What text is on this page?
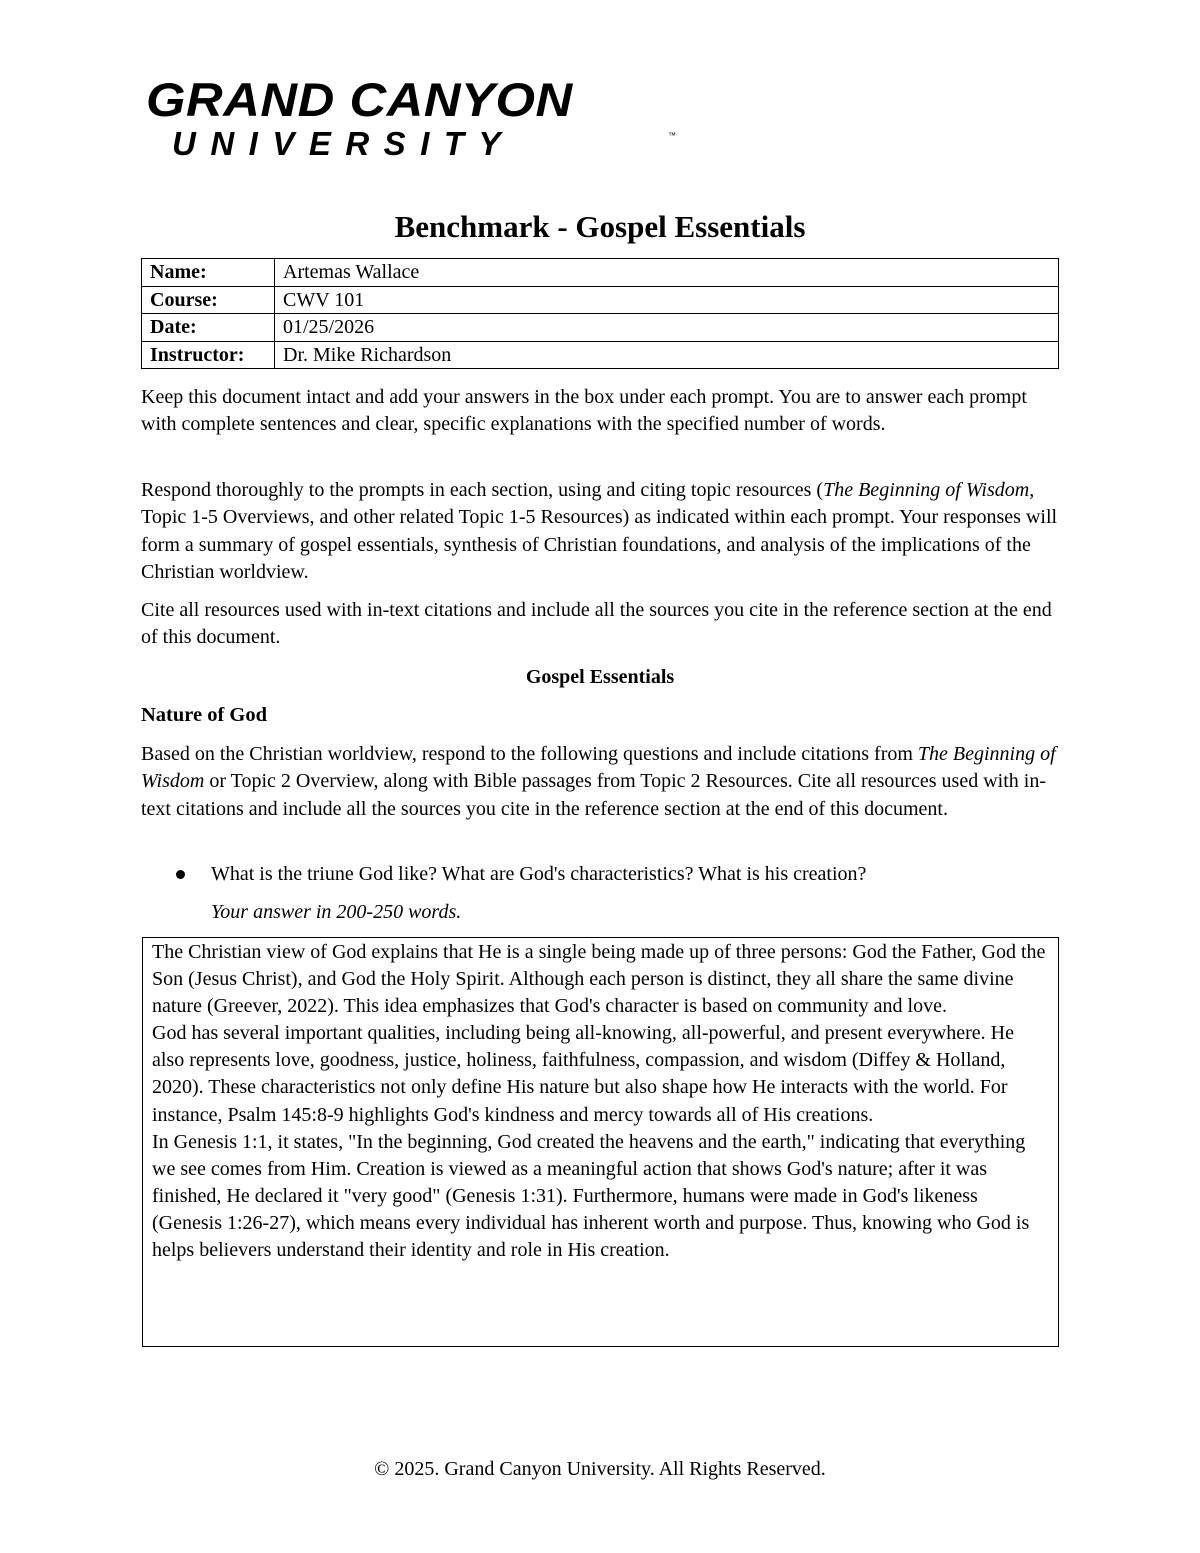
GRAND CANYON
UNIVERSITY	™
Benchmark - Gospel Essentials
Name:	Artemas Wallace
Course:	CWV 101
Date:	01/25/2026
Instructor:	Dr. Mike Richardson
Keep this document intact and add your answers in the box under each prompt. You are to answer each prompt with complete sentences and clear, specific explanations with the specified number of words.
Respond thoroughly to the prompts in each section, using and citing topic resources (The Beginning of Wisdom, Topic 1-5 Overviews, and other related Topic 1-5 Resources) as indicated within each prompt. Your responses will form a summary of gospel essentials, synthesis of Christian foundations, and analysis of the implications of the Christian worldview.
Cite all resources used with in-text citations and include all the sources you cite in the reference section at the end of this document.
Gospel Essentials
Nature of God
Based on the Christian worldview, respond to the following questions and include citations from The Beginning of Wisdom or Topic 2 Overview, along with Bible passages from Topic 2 Resources. Cite all resources used with in-text citations and include all the sources you cite in the reference section at the end of this document.
What is the triune God like? What are God's characteristics? What is his creation?
Your answer in 200-250 words.

The Christian view of God explains that He is a single being made up of three persons: God the Father, God the Son (Jesus Christ), and God the Holy Spirit. Although each person is distinct, they all share the same divine nature (Greever, 2022). This idea emphasizes that God's character is based on community and love.

God has several important qualities, including being all-knowing, all-powerful, and present everywhere. He also represents love, goodness, justice, holiness, faithfulness, compassion, and wisdom (Diffey & Holland, 2020). These characteristics not only define His nature but also shape how He interacts with the world. For instance, Psalm 145:8-9 highlights God's kindness and mercy towards all of His creations.

In Genesis 1:1, it states, "In the beginning, God created the heavens and the earth," indicating that everything we see comes from Him. Creation is viewed as a meaningful action that shows God's nature; after it was finished, He declared it "very good" (Genesis 1:31). Furthermore, humans were made in God's likeness (Genesis 1:26-27), which means every individual has inherent worth and purpose. Thus, knowing who God is helps believers understand their identity and role in His creation.

© 2025. Grand Canyon University. All Rights Reserved.
